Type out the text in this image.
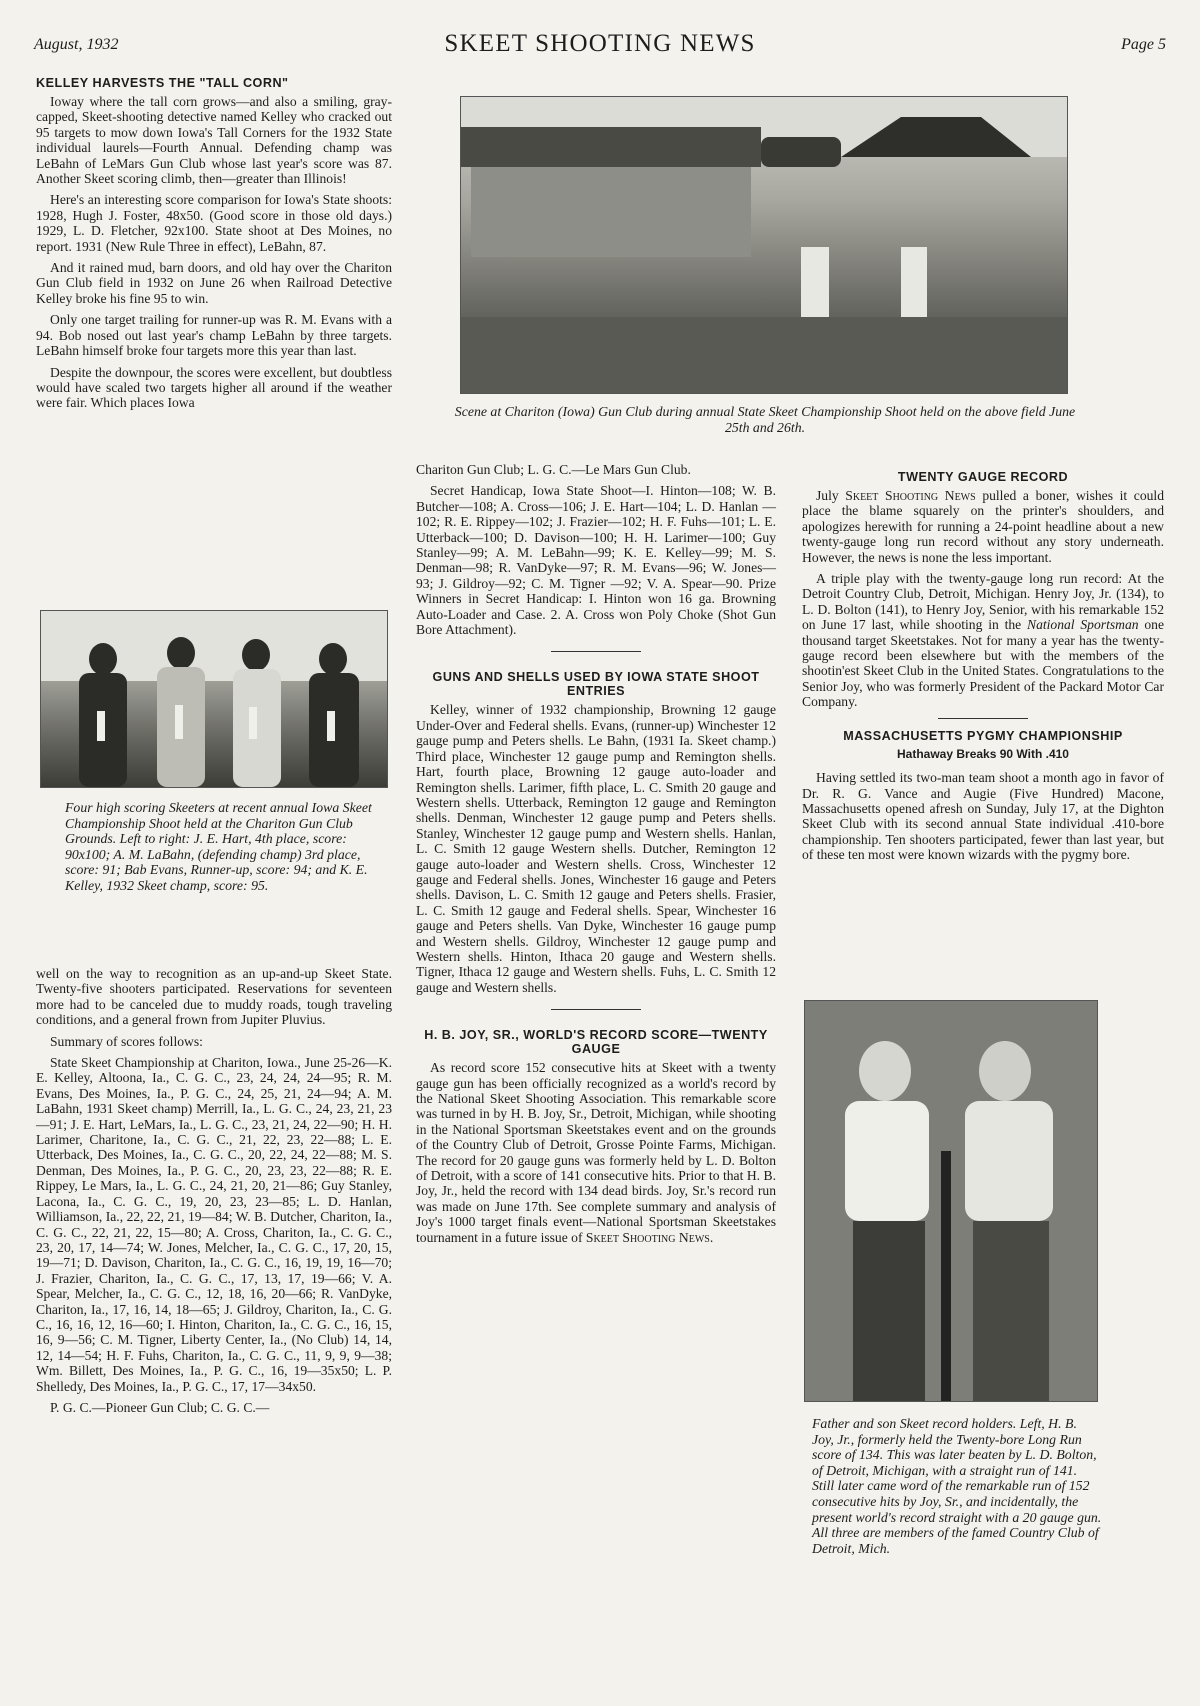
August, 1932	SKEET SHOOTING NEWS	Page 5
KELLEY HARVESTS THE "TALL CORN"

Ioway where the tall corn grows—and also a smiling, gray-capped, Skeet-shooting detective named Kelley who cracked out 95 targets to mow down Iowa's Tall Corners for the 1932 State individual laurels—Fourth Annual. Defending champ was LeBahn of LeMars Gun Club whose last year's score was 87. Another Skeet scoring climb, then—greater than Illinois!

Here's an interesting score comparison for Iowa's State shoots: 1928, Hugh J. Foster, 48x50. (Good score in those old days.) 1929, L. D. Fletcher, 92x100. State shoot at Des Moines, no report. 1931 (New Rule Three in effect), LeBahn, 87.

And it rained mud, barn doors, and old hay over the Chariton Gun Club field in 1932 on June 26 when Railroad Detective Kelley broke his fine 95 to win.

Only one target trailing for runner-up was R. M. Evans with a 94. Bob nosed out last year's champ LeBahn by three targets. LeBahn himself broke four targets more this year than last.

Despite the downpour, the scores were excellent, but doubtless would have scaled two targets higher all around if the weather were fair. Which places Iowa

Four high scoring Skeeters at recent annual Iowa Skeet Championship Shoot held at the Chariton Gun Club Grounds. Left to right: J. E. Hart, 4th place, score: 90x100; A. M. LaBahn, (defending champ) 3rd place, score: 91; Bab Evans, Runner-up, score: 94; and K. E. Kelley, 1932 Skeet champ, score: 95.

well on the way to recognition as an up-and-up Skeet State. Twenty-five shooters participated. Reservations for seventeen more had to be canceled due to muddy roads, tough traveling conditions, and a general frown from Jupiter Pluvius.

Summary of scores follows:

State Skeet Championship at Chariton, Iowa., June 25-26—K. E. Kelley, Altoona, Ia., C. G. C., 23, 24, 24, 24—95; R. M. Evans, Des Moines, Ia., P. G. C., 24, 25, 21, 24—94; A. M. LaBahn, 1931 Skeet champ) Merrill, Ia., L. G. C., 24, 23, 21, 23—91; J. E. Hart, LeMars, Ia., L. G. C., 23, 21, 24, 22—90; H. H. Larimer, Charitone, Ia., C. G. C., 21, 22, 23, 22—88; L. E. Utterback, Des Moines, Ia., C. G. C., 20, 22, 24, 22—88; M. S. Denman, Des Moines, Ia., P. G. C., 20, 23, 23, 22—88; R. E. Rippey, Le Mars, Ia., L. G. C., 24, 21, 20, 21—86; Guy Stanley, Lacona, Ia., C. G. C., 19, 20, 23, 23—85; L. D. Hanlan, Williamson, Ia., 22, 22, 21, 19—84; W. B. Dutcher, Chariton, Ia., C. G. C., 22, 21, 22, 15—80; A. Cross, Chariton, Ia., C. G. C., 23, 20, 17, 14—74; W. Jones, Melcher, Ia., C. G. C., 17, 20, 15, 19—71; D. Davison, Chariton, Ia., C. G. C., 16, 19, 19, 16—70; J. Frazier, Chariton, Ia., C. G. C., 17, 13, 17, 19—66; V. A. Spear, Melcher, Ia., C. G. C., 12, 18, 16, 20—66; R. VanDyke, Chariton, Ia., 17, 16, 14, 18—65; J. Gildroy, Chariton, Ia., C. G. C., 16, 16, 12, 16—60; I. Hinton, Chariton, Ia., C. G. C., 16, 15, 16, 9—56; C. M. Tigner, Liberty Center, Ia., (No Club) 14, 14, 12, 14—54; H. F. Fuhs, Chariton, Ia., C. G. C., 11, 9, 9, 9—38; Wm. Billett, Des Moines, Ia., P. G. C., 16, 19—35x50; L. P. Shelledy, Des Moines, Ia., P. G. C., 17, 17—34x50.

P. G. C.—Pioneer Gun Club; C. G. C.—

Scene at Chariton (Iowa) Gun Club during annual State Skeet Championship Shoot held on the above field June 25th and 26th.

Chariton Gun Club; L. G. C.—Le Mars Gun Club.

Secret Handicap, Iowa State Shoot—I. Hinton—108; W. B. Butcher—108; A. Cross—106; J. E. Hart—104; L. D. Hanlan —102; R. E. Rippey—102; J. Frazier—102; H. F. Fuhs—101; L. E. Utterback—100; D. Davison—100; H. H. Larimer—100; Guy Stanley—99; A. M. LeBahn—99; K. E. Kelley—99; M. S. Denman—98; R. VanDyke—97; R. M. Evans—96; W. Jones—93; J. Gildroy—92; C. M. Tigner —92; V. A. Spear—90. Prize Winners in Secret Handicap: I. Hinton won 16 ga. Browning Auto-Loader and Case. 2. A. Cross won Poly Choke (Shot Gun Bore Attachment).

GUNS AND SHELLS USED BY IOWA STATE SHOOT ENTRIES

Kelley, winner of 1932 championship, Browning 12 gauge Under-Over and Federal shells. Evans, (runner-up) Winchester 12 gauge pump and Peters shells. Le Bahn, (1931 Ia. Skeet champ.) Third place, Winchester 12 gauge pump and Remington shells. Hart, fourth place, Browning 12 gauge auto-loader and Remington shells. Larimer, fifth place, L. C. Smith 20 gauge and Western shells. Utterback, Remington 12 gauge and Remington shells. Denman, Winchester 12 gauge pump and Peters shells. Stanley, Winchester 12 gauge pump and Western shells. Hanlan, L. C. Smith 12 gauge Western shells. Dutcher, Remington 12 gauge auto-loader and Western shells. Cross, Winchester 12 gauge and Federal shells. Jones, Winchester 16 gauge and Peters shells. Davison, L. C. Smith 12 gauge and Peters shells. Frasier, L. C. Smith 12 gauge and Federal shells. Spear, Winchester 16 gauge and Peters shells. Van Dyke, Winchester 16 gauge pump and Western shells. Gildroy, Winchester 12 gauge pump and Western shells. Hinton, Ithaca 20 gauge and Western shells. Tigner, Ithaca 12 gauge and Western shells. Fuhs, L. C. Smith 12 gauge and Western shells.

H. B. JOY, SR., WORLD'S RECORD SCORE—TWENTY GAUGE

As record score 152 consecutive hits at Skeet with a twenty gauge gun has been officially recognized as a world's record by the National Skeet Shooting Association. This remarkable score was turned in by H. B. Joy, Sr., Detroit, Michigan, while shooting in the National Sportsman Skeetstakes event and on the grounds of the Country Club of Detroit, Grosse Pointe Farms, Michigan. The record for 20 gauge guns was formerly held by L. D. Bolton of Detroit, with a score of 141 consecutive hits. Prior to that H. B. Joy, Jr., held the record with 134 dead birds. Joy, Sr.'s record run was made on June 17th. See complete summary and analysis of Joy's 1000 target finals event—National Sportsman Skeetstakes tournament in a future issue of Skeet Shooting News.

TWENTY GAUGE RECORD

July Skeet Shooting News pulled a boner, wishes it could place the blame squarely on the printer's shoulders, and apologizes herewith for running a 24-point headline about a new twenty-gauge long run record without any story underneath. However, the news is none the less important.

A triple play with the twenty-gauge long run record: At the Detroit Country Club, Detroit, Michigan. Henry Joy, Jr. (134), to L. D. Bolton (141), to Henry Joy, Senior, with his remarkable 152 on June 17 last, while shooting in the National Sportsman one thousand target Skeetstakes. Not for many a year has the twenty-gauge record been elsewhere but with the members of the shootin'est Skeet Club in the United States. Congratulations to the Senior Joy, who was formerly President of the Packard Motor Car Company.

MASSACHUSETTS PYGMY CHAMPIONSHIP
Hathaway Breaks 90 With .410

Having settled its two-man team shoot a month ago in favor of Dr. R. G. Vance and Augie (Five Hundred) Macone, Massachusetts opened afresh on Sunday, July 17, at the Dighton Skeet Club with its second annual State individual .410-bore championship. Ten shooters participated, fewer than last year, but of these ten most were known wizards with the pygmy bore.

Father and son Skeet record holders. Left, H. B. Joy, Jr., formerly held the Twenty-bore Long Run score of 134. This was later beaten by L. D. Bolton, of Detroit, Michigan, with a straight run of 141. Still later came word of the remarkable run of 152 consecutive hits by Joy, Sr., and incidentally, the present world's record straight with a 20 gauge gun. All three are members of the famed Country Club of Detroit, Mich.
